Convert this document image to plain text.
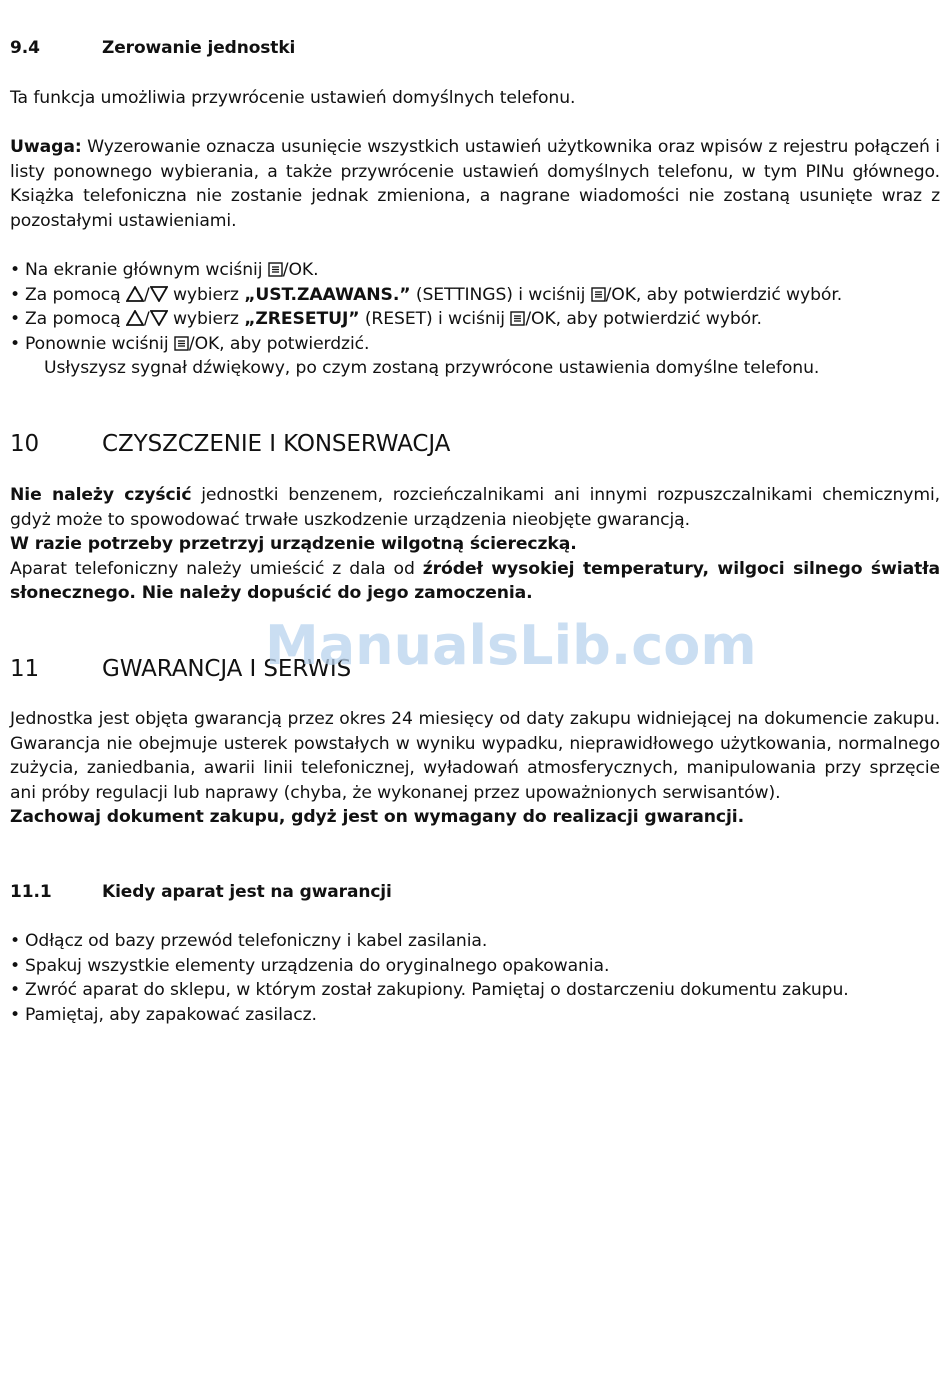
9.4	Zerowanie jednostki
Ta funkcja umożliwia przywrócenie ustawień domyślnych telefonu.
Uwaga: Wyzerowanie oznacza usunięcie wszystkich ustawień użytkownika oraz wpisów z rejestru połączeń i listy ponownego wybierania, a także przywrócenie ustawień domyślnych telefonu, w tym PINu głównego. Książka telefoniczna nie zostanie jednak zmieniona, a nagrane wiadomości nie zostaną usunięte wraz z pozostałymi ustawieniami.
• Na ekranie głównym wciśnij /OK.
• Za pomocą / wybierz „UST.ZAAWANS.” (SETTINGS) i wciśnij /OK, aby potwierdzić wybór.
• Za pomocą / wybierz „ZRESETUJ” (RESET) i wciśnij /OK, aby potwierdzić wybór.
• Ponownie wciśnij /OK, aby potwierdzić.
Usłyszysz sygnał dźwiękowy, po czym zostaną przywrócone ustawienia domyślne telefonu.
10	CZYSZCZENIE I KONSERWACJA
Nie należy czyścić jednostki benzenem, rozcieńczalnikami ani innymi rozpuszczalnikami chemicznymi, gdyż może to spowodować trwałe uszkodzenie urządzenia nieobjęte gwarancją.
W razie potrzeby przetrzyj urządzenie wilgotną ściereczką.
Aparat telefoniczny należy umieścić z dala od źródeł wysokiej temperatury, wilgoci silnego światła słonecznego. Nie należy dopuścić do jego zamoczenia.
11	GWARANCJA I SERWIS
Jednostka jest objęta gwarancją przez okres 24 miesięcy od daty zakupu widniejącej na dokumencie zakupu. Gwarancja nie obejmuje usterek powstałych w wyniku wypadku, nieprawidłowego użytkowania, normalnego zużycia, zaniedbania, awarii linii telefonicznej, wyładowań atmosferycznych, manipulowania przy sprzęcie ani próby regulacji lub naprawy (chyba, że wykonanej przez upoważnionych serwisantów).
Zachowaj dokument zakupu, gdyż jest on wymagany do realizacji gwarancji.
11.1	Kiedy aparat jest na gwarancji
• Odłącz od bazy przewód telefoniczny i kabel zasilania.
• Spakuj wszystkie elementy urządzenia do oryginalnego opakowania.
• Zwróć aparat do sklepu, w którym został zakupiony. Pamiętaj o dostarczeniu dokumentu zakupu.
• Pamiętaj, aby zapakować zasilacz.
ManualsLib.com
